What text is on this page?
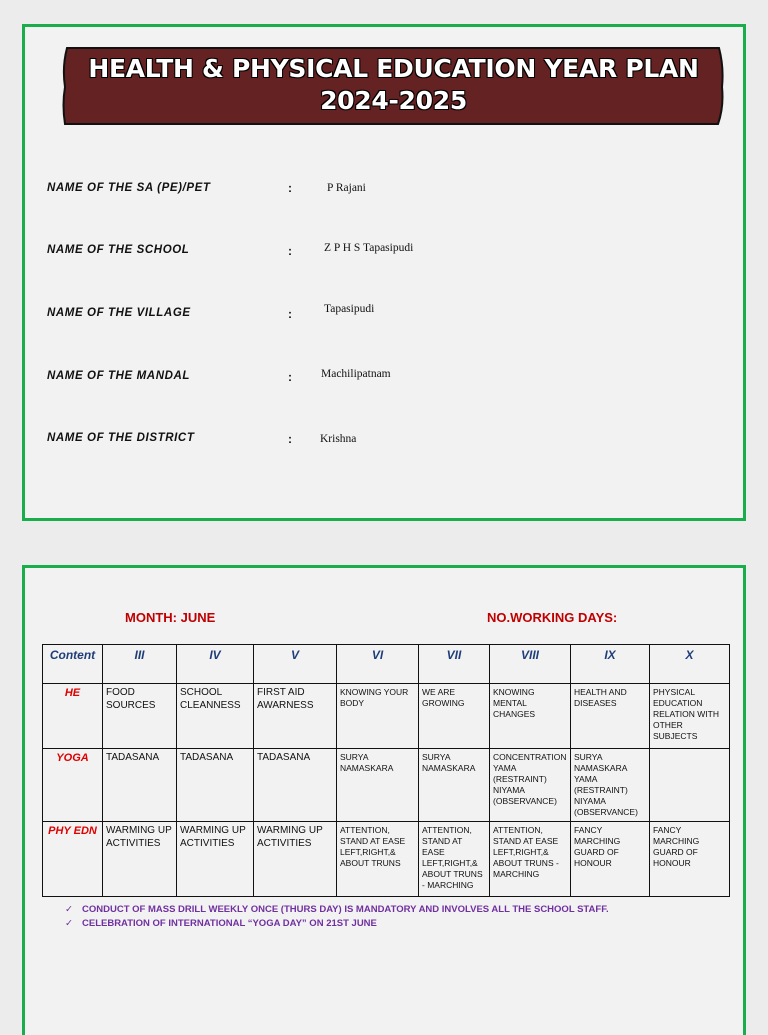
HEALTH & PHYSICAL EDUCATION YEAR PLAN
2024-2025
NAME OF THE SA (PE)/PET	:	P Rajani
NAME OF THE SCHOOL	:	Z P H S Tapasipudi
NAME OF THE VILLAGE	:	Tapasipudi
NAME OF THE MANDAL	:	Machilipatnam
NAME OF THE DISTRICT	: Krishna
MONTH: JUNE	NO.WORKING DAYS:
Content	III	IV	V	VI	VII	VIII	IX	X
HE	FOOD SOURCES	SCHOOL CLEANNESS	FIRST AID AWARNESS	KNOWING YOUR BODY	WE ARE GROWING	KNOWING MENTAL CHANGES	HEALTH AND DISEASES	PHYSICAL EDUCATION RELATION WITH OTHER SUBJECTS
YOGA	TADASANA	TADASANA	TADASANA	SURYA NAMASKARA	SURYA NAMASKARA	CONCENTRATION YAMA (RESTRAINT) NIYAMA (OBSERVANCE)	SURYA NAMASKARA YAMA (RESTRAINT) NIYAMA (OBSERVANCE)	
PHY EDN	WARMING UP ACTIVITIES	WARMING UP ACTIVITIES	WARMING UP ACTIVITIES	ATTENTION, STAND AT EASE LEFT,RIGHT,& ABOUT TRUNS	ATTENTION, STAND AT EASE LEFT,RIGHT,& ABOUT TRUNS - MARCHING	ATTENTION, STAND AT EASE LEFT,RIGHT,& ABOUT TRUNS - MARCHING	FANCY MARCHING GUARD OF HONOUR	FANCY MARCHING GUARD OF HONOUR
✓ CONDUCT OF MASS DRILL WEEKLY ONCE (THURS DAY) IS MANDATORY AND INVOLVES ALL THE SCHOOL STAFF.
✓ CELEBRATION OF INTERNATIONAL “YOGA DAY” ON 21ST JUNE
